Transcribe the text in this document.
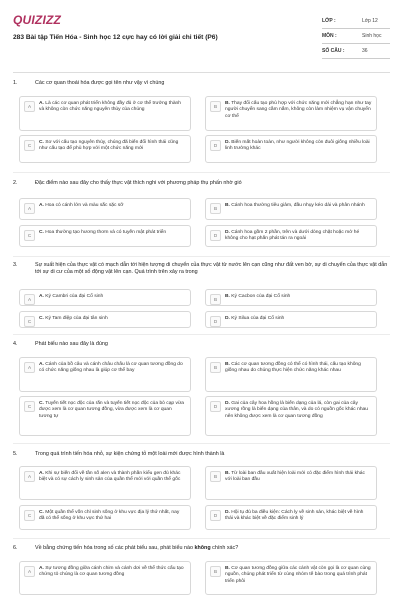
QUIZIZZ
283 Bài tập Tiến Hóa - Sinh học 12 cực hay có lời giải chi tiết (P6)
LỚP :	Lớp 12
MÔN :	Sinh học
SỐ CÂU :	36
1.	Các cơ quan thoái hóa được gọi tên như vậy vì chúng
A
A. Là các cơ quan phát triển không đầy đủ ở cơ thể trưởng thành và không còn chức năng nguyên thủy của chúng
B
B. Thay đổi cấu tạo phù hợp với chức năng mới chẳng hạn như tay người chuyển sang cầm nắm, không còn làm nhiệm vụ vận chuyển cơ thể
C
C. Sơ với cấu tạo nguyên thủy, chúng đã biến đổi hình thái cũng như cấu tạo để phù hợp với một chức năng mới
D
D. Biến mất hoàn toàn, như người không còn đuôi giống nhiều loài linh trưởng khác
2.	Đặc điểm nào sau đây cho thấy thực vật thích nghi với phương pháp thụ phấn nhờ gió
A
A. Hoa có cánh lớn và màu sắc sặc sỡ
B
B. Cánh hoa thường tiêu giảm, đầu nhụy kéo dài và phân nhánh
C
C. Hoa thường tạo hương thơm và có tuyến mật phát triển
D
D. Cánh hoa gồm 2 phần, trên và dưới dòng chặt hoặc mở hé không cho hạt phấn phát tán ra ngoài
3.	Sự xuất hiện của thực vật có mạch dẫn tới hiện tượng di chuyển của thực vật từ nước lên cạn cũng như đất ven bờ, sự di chuyển của thực vật dẫn tới sự di cư của một số động vật lên cạn. Quá trình trên xảy ra trong
A
A. Kỷ Cambri của đại Cổ sinh
B
B. Kỷ Cacbon của đại Cổ sinh
C
C. Kỷ Tam điệp của đại tân sinh
D
D. Kỷ Silua của đại Cổ sinh
4.	Phát biểu nào sau đây là đúng
A
A. Cánh của bồ câu và cánh châu chấu là cơ quan tương đồng do có chức năng giống nhau là giúp cơ thể bay
B
B. Các cơ quan tương đồng có thể có hình thái, cấu tạo không giống nhau do chúng thực hiện chức năng khác nhau
C
C. Tuyến tiết nọc độc của rắn và tuyến tiết nọc độc của bò cạp vừa được xem là cơ quan tương đồng, vừa được xem là cơ quan tương tự
D
D. Gai của cây hoa hồng là biến dạng của lá, còn gai của cây xương rồng là biến dạng của thân, và do có nguồn gốc khác nhau nên không được xem là cơ quan tương đồng
5.	Trong quá trình tiến hóa nhỏ, sự kiện chứng tỏ một loài mới được hình thành là
A
A. Khi sự biến đổi về tần số alen và thành phần kiểu gen đủ khác biệt và có sự cách ly sinh sản của quần thể mới với quần thể gốc
B
B. Từ loài ban đầu xuất hiện loài mới có đặc điểm hình thái khác với loài ban đầu
C
C. Một quần thể vốn chỉ sinh sống ở khu vực địa lý thứ nhất, nay đã có thể sống ở khu vực thứ hai
D
D. Hội tụ đủ ba điều kiện: Cách ly về sinh sản, khác biệt về hình thái và khác biệt về đặc điểm sinh lý
6.	Về bằng chứng tiến hóa trong số các phát biểu sau, phát biểu nào không chính xác?
A
A. Sự tương đồng giữa cánh chim và cánh dơi về thể thức cấu tạo chứng tỏ chúng là cơ quan tương đồng
B
B. Cơ quan tương đồng giữa các cánh vật còn gọi là cơ quan cùng nguồn, chúng phát triển từ cùng nhóm tế bào trong quá trình phát triển phôi
